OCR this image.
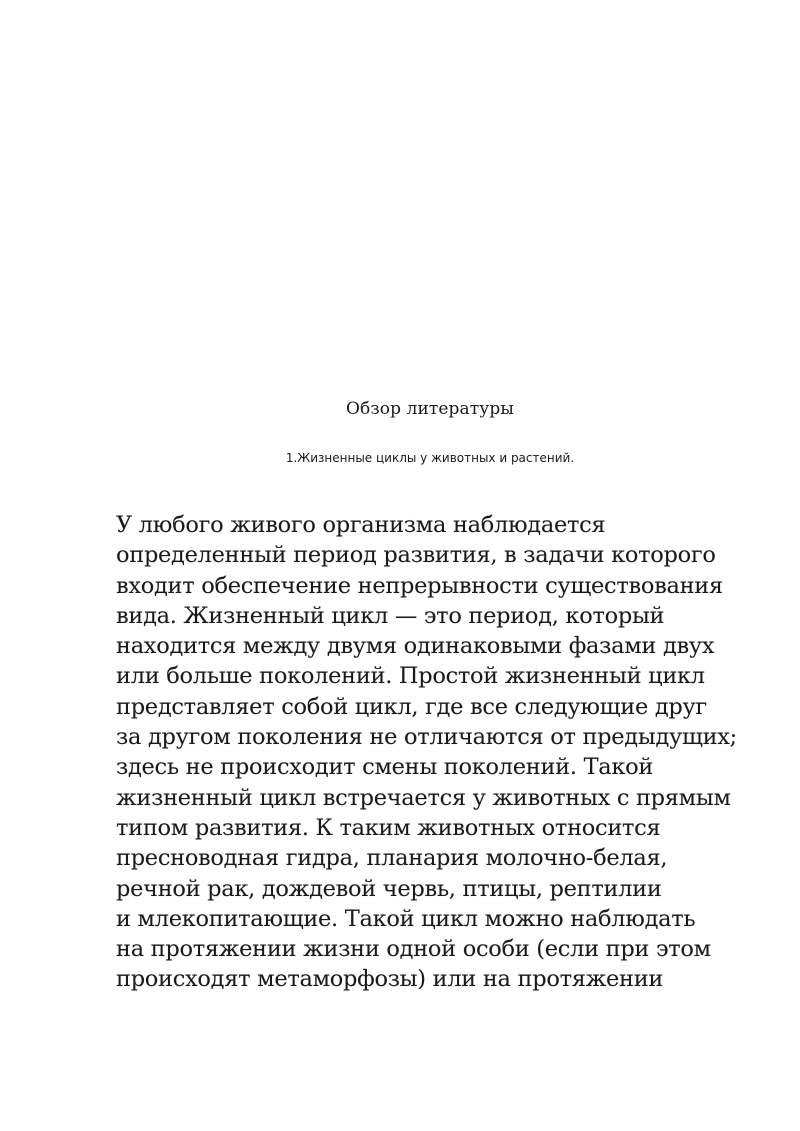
Обзор литературы
1.Жизненные циклы у животных и растений.
У любого живого организма наблюдается
определенный период развития, в задачи которого
входит обеспечение непрерывности существования
вида. Жизненный цикл — это период, который
находится между двумя одинаковыми фазами двух
или больше поколений. Простой жизненный цикл
представляет собой цикл, где все следующие друг
за другом поколения не отличаются от предыдущих;
здесь не происходит смены поколений. Такой
жизненный цикл встречается у животных с прямым
типом развития. К таким животных относится
пресноводная гидра, планария молочно-белая,
речной рак, дождевой червь, птицы, рептилии
и млекопитающие. Такой цикл можно наблюдать
на протяжении жизни одной особи (если при этом
происходят метаморфозы) или на протяжении
